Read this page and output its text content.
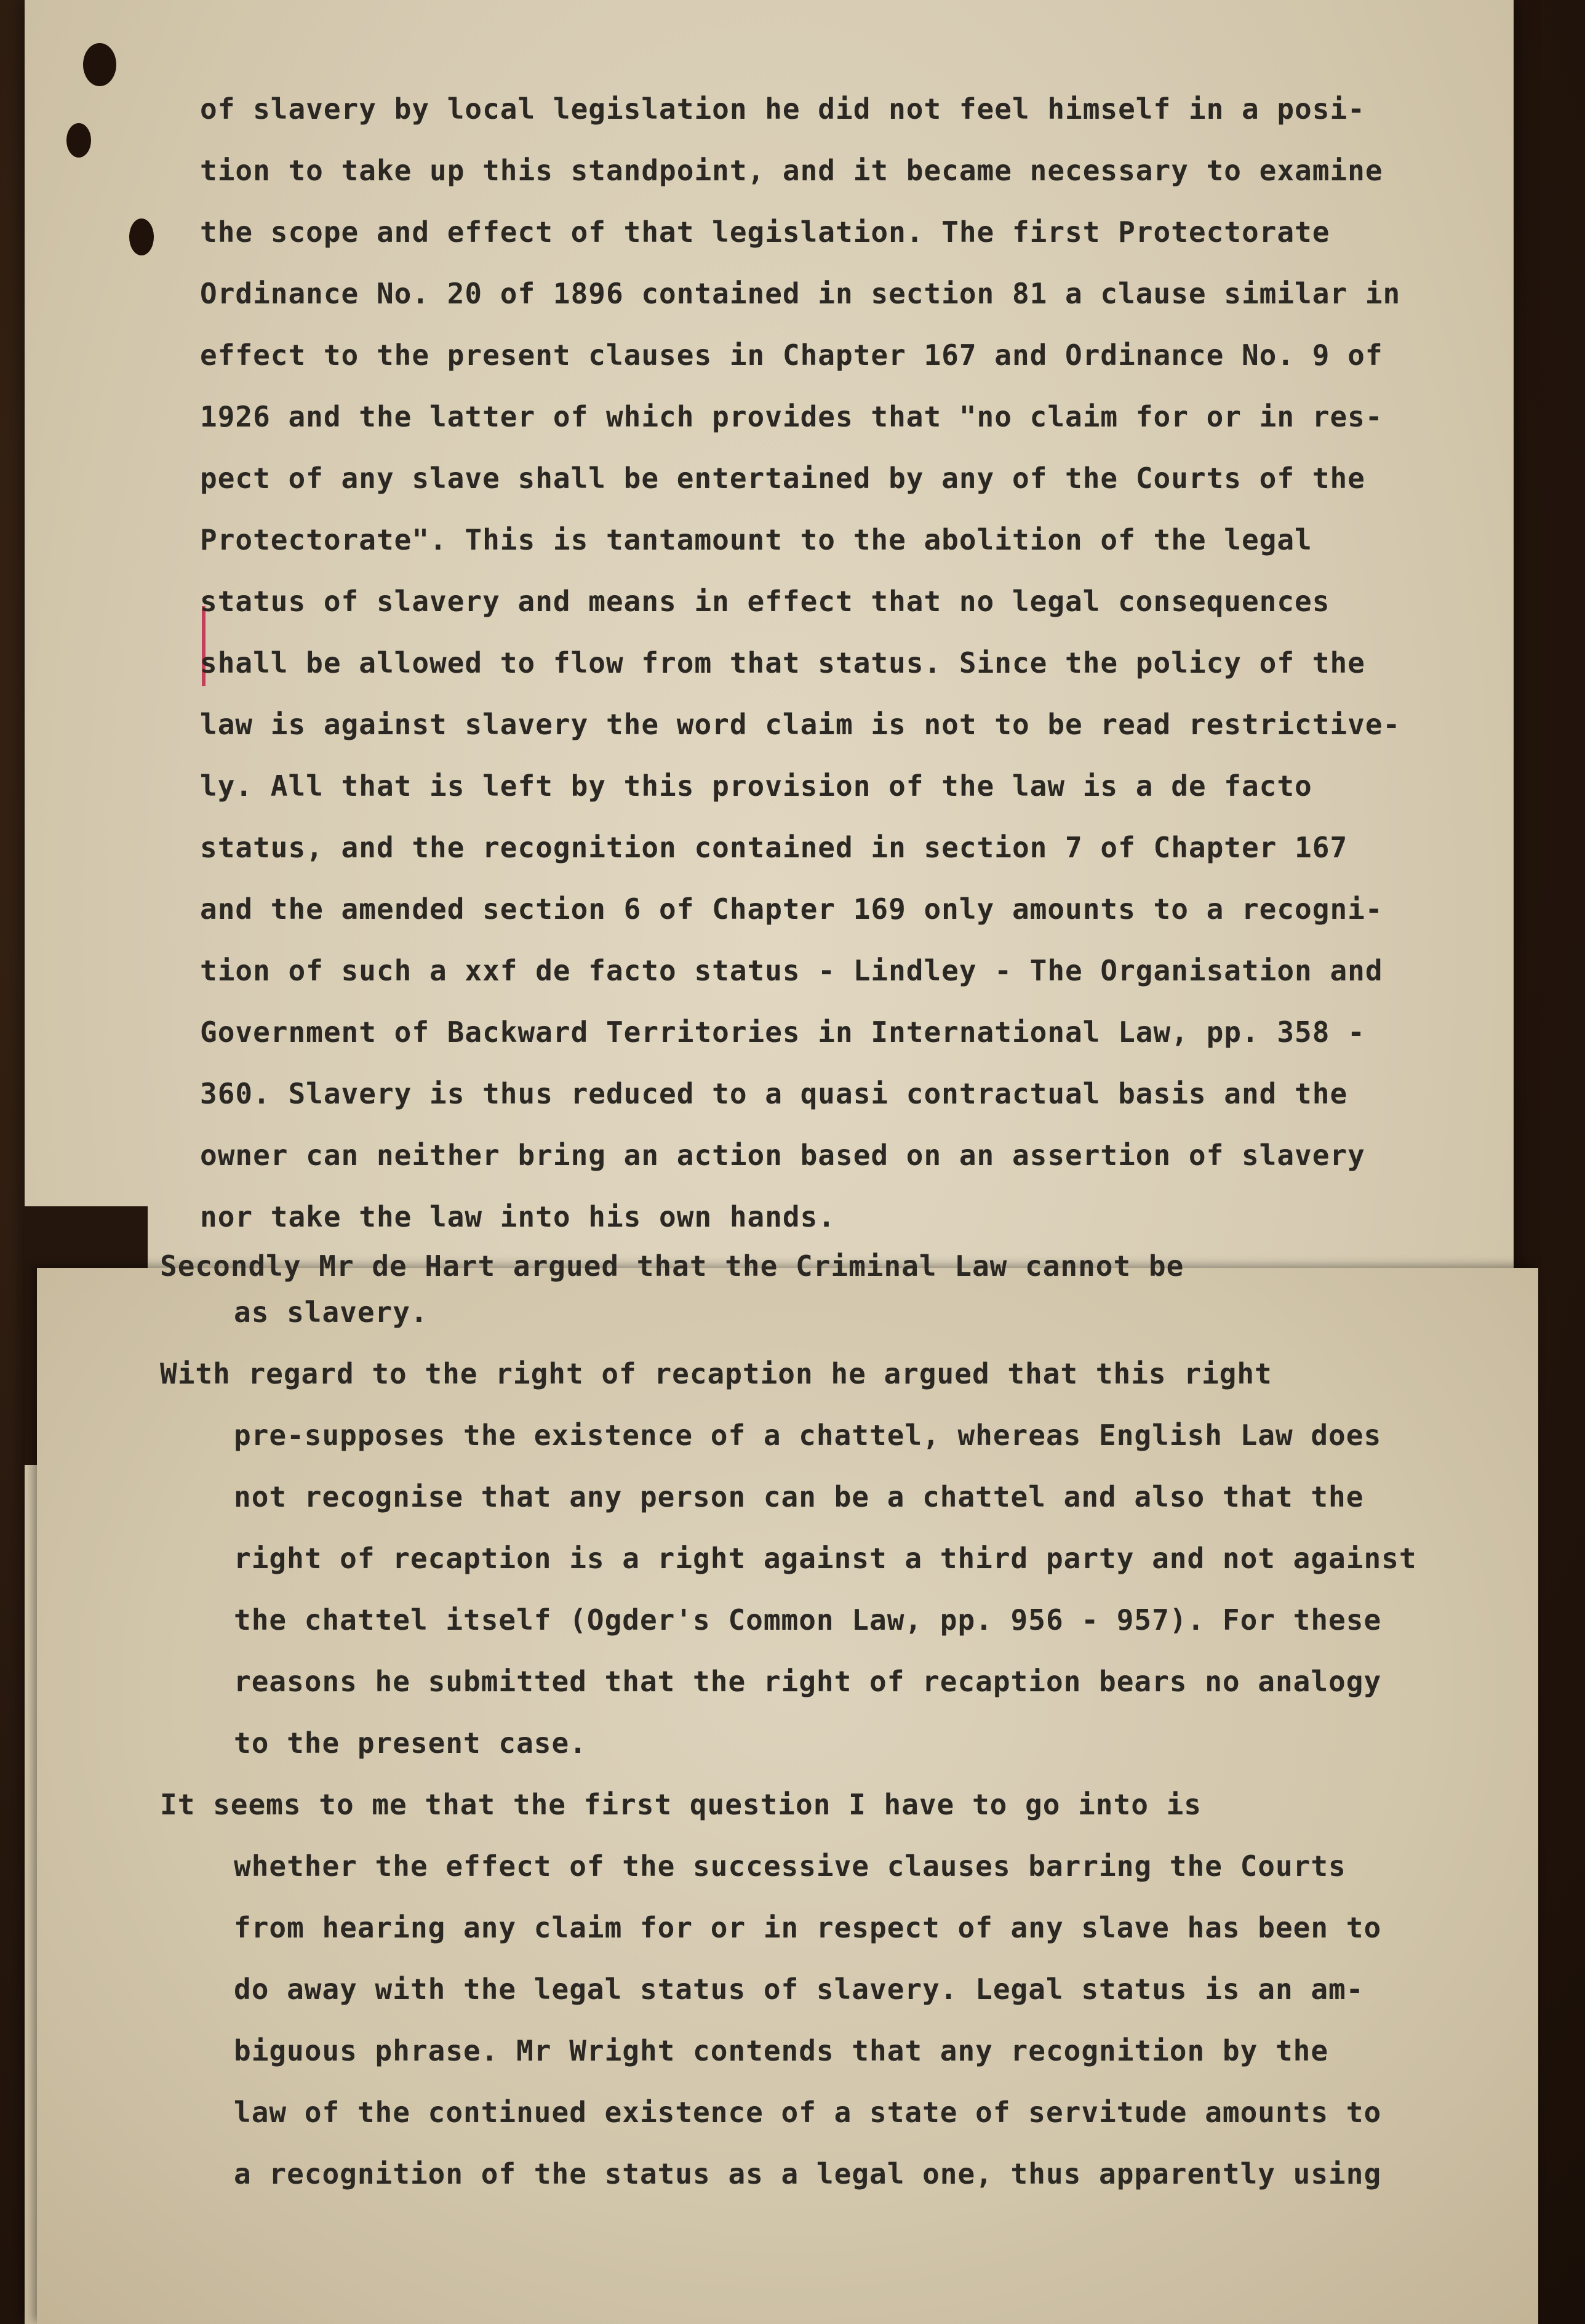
of slavery by local legislation he did not feel himself in a posi-
tion to take up this standpoint, and it became necessary to examine
the scope and effect of that legislation. The first Protectorate
Ordinance No. 20 of 1896 contained in section 81 a clause similar in
effect to the present clauses in Chapter 167 and Ordinance No. 9 of
1926 and the latter of which provides that "no claim for or in res-
pect of any slave shall be entertained by any of the Courts of the
Protectorate". This is tantamount to the abolition of the legal
status of slavery and means in effect that no legal consequences
shall be allowed to flow from that status. Since the policy of the
law is against slavery the word claim is not to be read restrictive-
ly. All that is left by this provision of the law is a de facto
status, and the recognition contained in section 7 of Chapter 167
and the amended section 6 of Chapter 169 only amounts to a recogni-
tion of such a xxf de facto status - Lindley - The Organisation and
Government of Backward Territories in International Law, pp. 358 -
360. Slavery is thus reduced to a quasi contractual basis and the
owner can neither bring an action based on an assertion of slavery
nor take the law into his own hands.
Secondly Mr de Hart argued that the Criminal Law cannot be
as slavery.
With regard to the right of recaption he argued that this right
pre-supposes the existence of a chattel, whereas English Law does
not recognise that any person can be a chattel and also that the
right of recaption is a right against a third party and not against
the chattel itself (Ogder's Common Law, pp. 956 - 957). For these
reasons he submitted that the right of recaption bears no analogy
to the present case.
It seems to me that the first question I have to go into is
whether the effect of the successive clauses barring the Courts
from hearing any claim for or in respect of any slave has been to
do away with the legal status of slavery. Legal status is an am-
biguous phrase. Mr Wright contends that any recognition by the
law of the continued existence of a state of servitude amounts to
a recognition of the status as a legal one, thus apparently using
